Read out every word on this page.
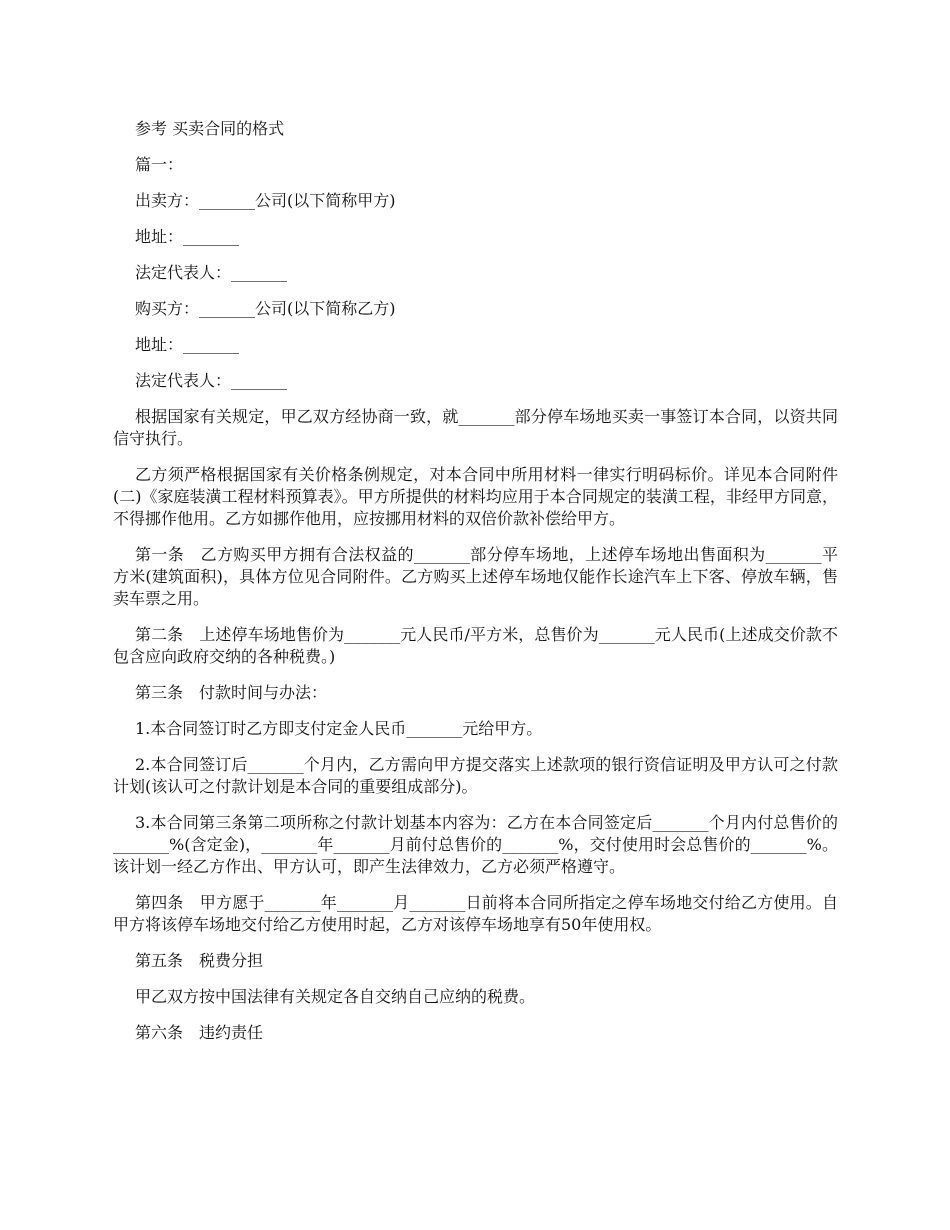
参考 买卖合同的格式

篇一：

出卖方：_______公司(以下简称甲方)

地址：_______

法定代表人：_______

购买方：_______公司(以下简称乙方)

地址：_______

法定代表人：_______

根据国家有关规定，甲乙双方经协商一致，就_______部分停车场地买卖一事签订本合同，以资共同信守执行。

乙方须严格根据国家有关价格条例规定，对本合同中所用材料一律实行明码标价。详见本合同附件(二)《家庭装潢工程材料预算表》。甲方所提供的材料均应用于本合同规定的装潢工程，非经甲方同意，不得挪作他用。乙方如挪作他用，应按挪用材料的双倍价款补偿给甲方。

第一条　乙方购买甲方拥有合法权益的_______部分停车场地，上述停车场地出售面积为_______平方米(建筑面积)，具体方位见合同附件。乙方购买上述停车场地仅能作长途汽车上下客、停放车辆，售卖车票之用。

第二条　上述停车场地售价为_______元人民币/平方米，总售价为_______元人民币(上述成交价款不包含应向政府交纳的各种税费。)

第三条　付款时间与办法：

1.本合同签订时乙方即支付定金人民币_______元给甲方。

2.本合同签订后_______个月内，乙方需向甲方提交落实上述款项的银行资信证明及甲方认可之付款计划(该认可之付款计划是本合同的重要组成部分)。

3.本合同第三条第二项所称之付款计划基本内容为：乙方在本合同签定后_______个月内付总售价的_______%(含定金)，_______年_______月前付总售价的_______%，交付使用时会总售价的_______%。该计划一经乙方作出、甲方认可，即产生法律效力，乙方必须严格遵守。

第四条　甲方愿于_______年_______月_______日前将本合同所指定之停车场地交付给乙方使用。自甲方将该停车场地交付给乙方使用时起，乙方对该停车场地享有50年使用权。

第五条　税费分担

甲乙双方按中国法律有关规定各自交纳自己应纳的税费。

第六条　违约责任
